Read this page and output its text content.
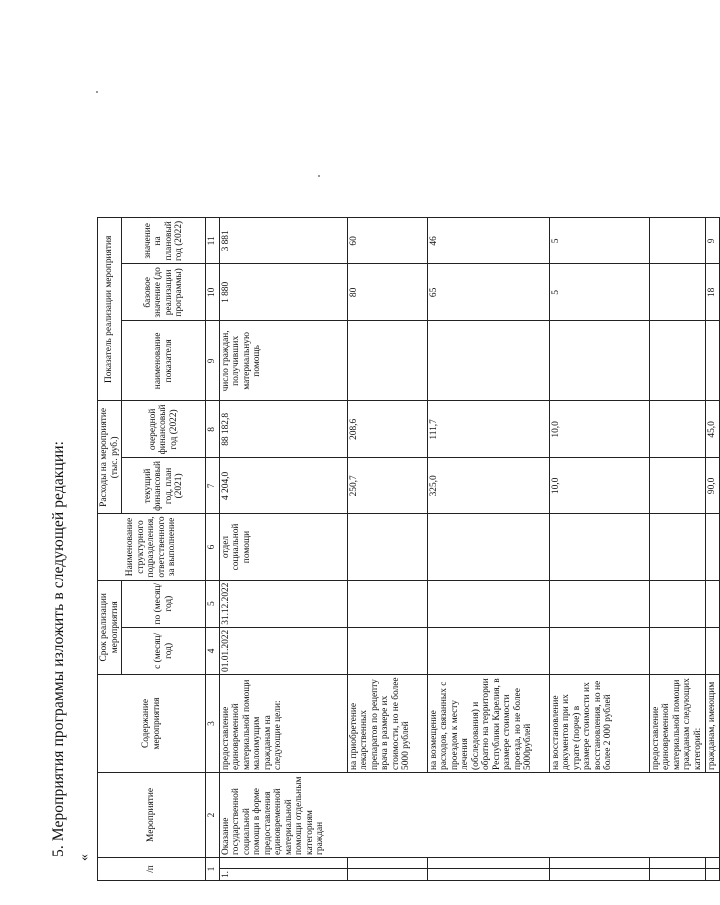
5. Мероприятия программы изложить в следующей редакции:
«
/п		Мероприятие	Содержание мероприятия	Срок реализации мероприятия		Наименование структурного подразделения, ответственного за выполнение	Расходы на мероприятие (тыс. руб.)		Показатель реализации мероприятия		
				с (месяц/год)	по (месяц/год)		текущий финансовый год, план (2021)	очередной финансовый год (2022)	наименование показателя	базовое значение (до реализации программы)	значение на плановый год (2022)
1		2	3	4	5	6	7	8	9	10	11
1.		Оказание государственной социальной помощи в форме предоставления единовременной материальной помощи отдельным категориям граждан	предоставление единовременной материальной помощи малоимущим гражданам на следующие цели:	01.01.2022	31.12.2022	отдел социальной помощи	4 204,0	88 182,8	число граждан, получивших материальную помощь	1 880	3 881
			на приобретение лекарственных препаратов по рецепту врача в размере их стоимости, но не более 5000 рублей				250,7	208,6		80	60
			на возмещение расходов, связанных с проездом к месту лечения (обследования) и обратно на территории Республики Карелия, в размере стоимости проезда, но не более 5000рублей				325,0	111,7		65	46
			на восстановление документов при их утрате (порче) в размере стоимости их восстановления, но не более 2 000 рублей				10,0	10,0		5	5
			предоставление единовременной материальной помощи гражданам следующих категорий:								
			гражданам, имеющим				90,0	45,0		18	9
